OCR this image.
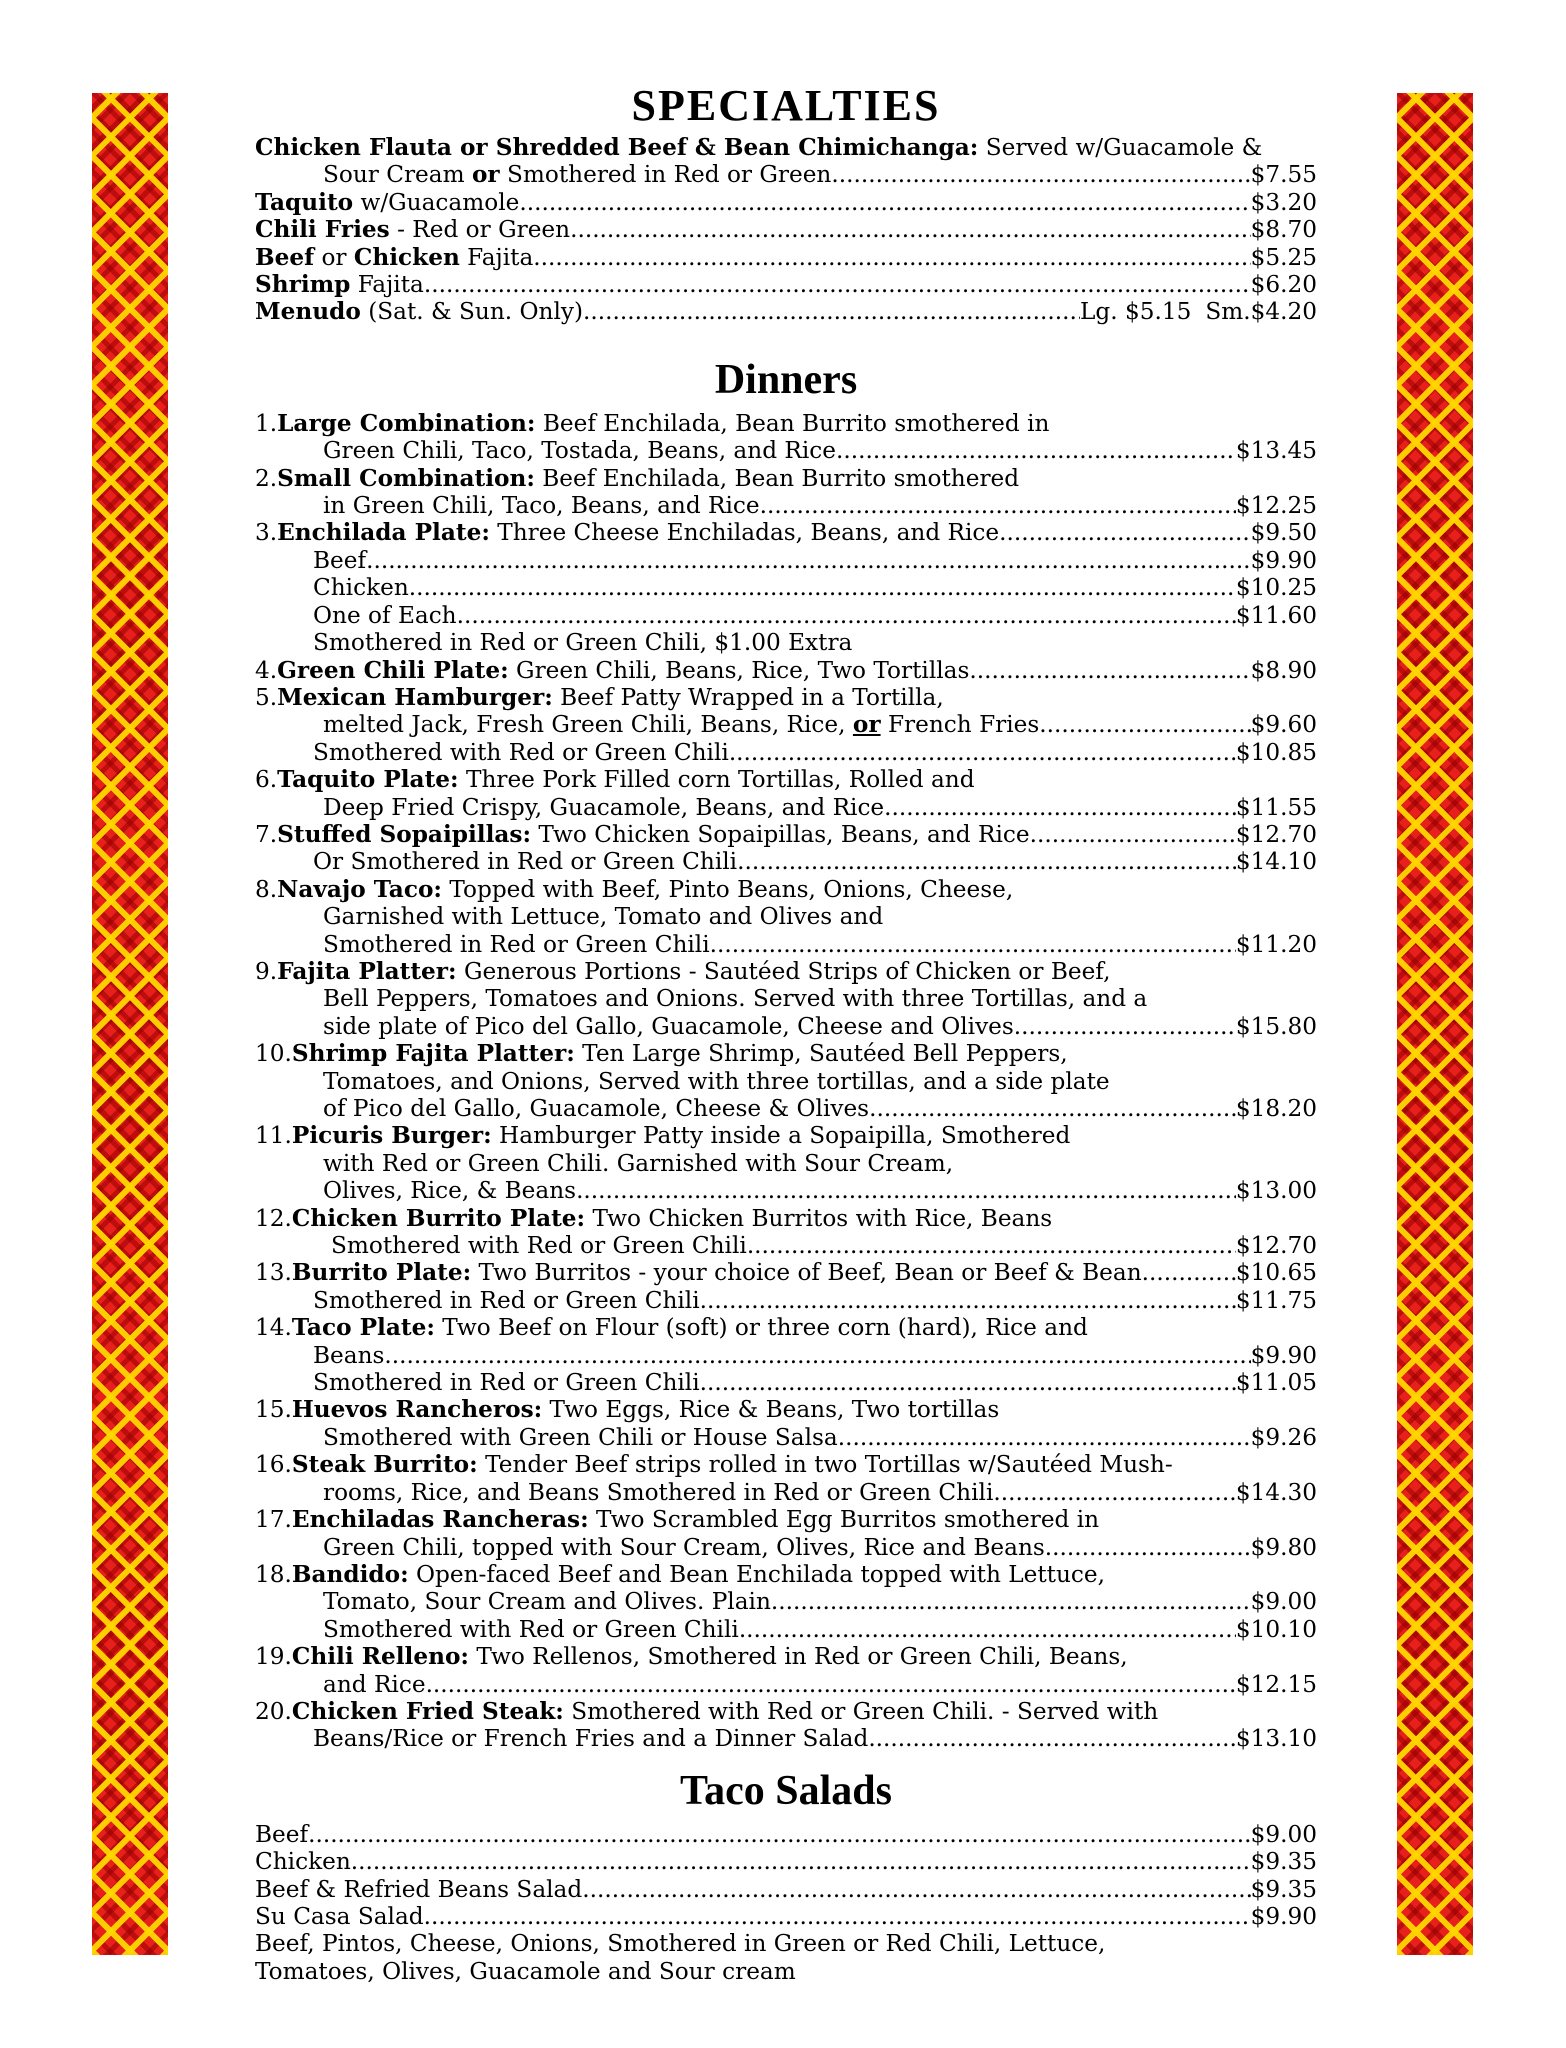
SPECIALTIES
Chicken Flauta or Shredded Beef & Bean Chimichanga: Served w/Guacamole &
Sour Cream or Smothered in Red or Green .....	$7.55
Taquito w/Guacamole .....	$3.20
Chili Fries - Red or Green .....	$8.70
Beef or Chicken Fajita .....	$5.25
Shrimp Fajita .....	$6.20
Menudo (Sat. & Sun. Only) .....	Lg. $5.15 Sm.$4.20
Dinners
1.Large Combination: Beef Enchilada, Bean Burrito smothered in
Green Chili, Taco, Tostada, Beans, and Rice .....	$13.45
2.Small Combination: Beef Enchilada, Bean Burrito smothered
in Green Chili, Taco, Beans, and Rice .....	$12.25
3.Enchilada Plate: Three Cheese Enchiladas, Beans, and Rice .....	$9.50
Beef .....	$9.90
Chicken .....	$10.25
One of Each .....	$11.60
Smothered in Red or Green Chili, $1.00 Extra
4.Green Chili Plate: Green Chili, Beans, Rice, Two Tortillas .....	$8.90
5.Mexican Hamburger: Beef Patty Wrapped in a Tortilla,
melted Jack, Fresh Green Chili, Beans, Rice, or French Fries .....	$9.60
Smothered with Red or Green Chili .....	$10.85
6.Taquito Plate: Three Pork Filled corn Tortillas, Rolled and
Deep Fried Crispy, Guacamole, Beans, and Rice .....	$11.55
7.Stuffed Sopaipillas: Two Chicken Sopaipillas, Beans, and Rice .....	$12.70
Or Smothered in Red or Green Chili .....	$14.10
8.Navajo Taco: Topped with Beef, Pinto Beans, Onions, Cheese,
Garnished with Lettuce, Tomato and Olives and
Smothered in Red or Green Chili .....	$11.20
9.Fajita Platter: Generous Portions - Sautéed Strips of Chicken or Beef,
Bell Peppers, Tomatoes and Onions. Served with three Tortillas, and a
side plate of Pico del Gallo, Guacamole, Cheese and Olives .....	$15.80
10.Shrimp Fajita Platter: Ten Large Shrimp, Sautéed Bell Peppers,
Tomatoes, and Onions, Served with three tortillas, and a side plate
of Pico del Gallo, Guacamole, Cheese & Olives .....	$18.20
11.Picuris Burger: Hamburger Patty inside a Sopaipilla, Smothered
with Red or Green Chili. Garnished with Sour Cream,
Olives, Rice, & Beans .....	$13.00
12.Chicken Burrito Plate: Two Chicken Burritos with Rice, Beans
Smothered with Red or Green Chili .....	$12.70
13.Burrito Plate: Two Burritos - your choice of Beef, Bean or Beef & Bean .....	$10.65
Smothered in Red or Green Chili .....	$11.75
14.Taco Plate: Two Beef on Flour (soft) or three corn (hard), Rice and
Beans .....	$9.90
Smothered in Red or Green Chili .....	$11.05
15.Huevos Rancheros: Two Eggs, Rice & Beans, Two tortillas
Smothered with Green Chili or House Salsa .....	$9.26
16.Steak Burrito: Tender Beef strips rolled in two Tortillas w/Sautéed Mush-
rooms, Rice, and Beans Smothered in Red or Green Chili .....	$14.30
17.Enchiladas Rancheras: Two Scrambled Egg Burritos smothered in
Green Chili, topped with Sour Cream, Olives, Rice and Beans .....	$9.80
18.Bandido: Open-faced Beef and Bean Enchilada topped with Lettuce,
Tomato, Sour Cream and Olives. Plain .....	$9.00
Smothered with Red or Green Chili .....	$10.10
19.Chili Relleno: Two Rellenos, Smothered in Red or Green Chili, Beans,
and Rice .....	$12.15
20.Chicken Fried Steak: Smothered with Red or Green Chili. - Served with
Beans/Rice or French Fries and a Dinner Salad .....	$13.10
Taco Salads
Beef .....	$9.00
Chicken .....	$9.35
Beef & Refried Beans Salad .....	$9.35
Su Casa Salad .....	$9.90
Beef, Pintos, Cheese, Onions, Smothered in Green or Red Chili, Lettuce,
Tomatoes, Olives, Guacamole and Sour cream
